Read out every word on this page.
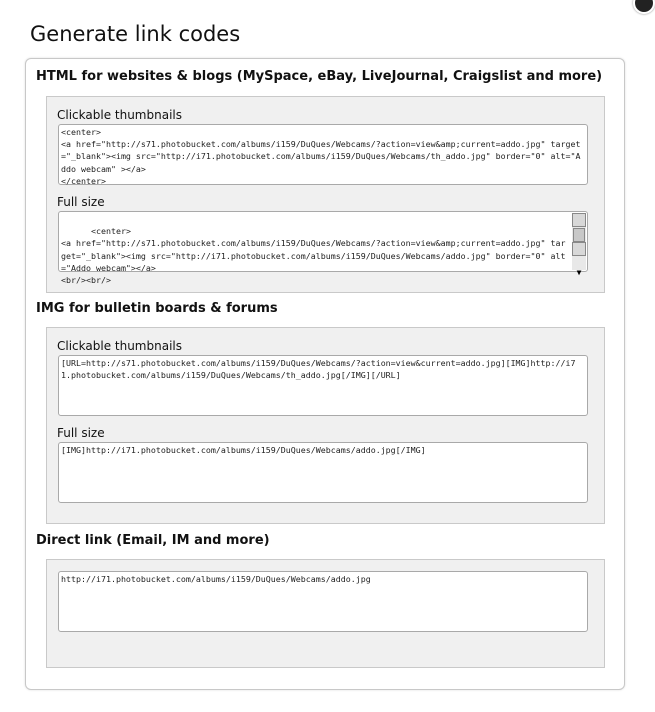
Generate link codes
HTML for websites & blogs (MySpace, eBay, LiveJournal, Craigslist and more)
Clickable thumbnails
<center>
<a href="http://s71.photobucket.com/albums/i159/DuQues/Webcams/?action=view&amp;current=addo.jpg" target="_blank"><img src="http://i71.photobucket.com/albums/i159/DuQues/Webcams/th_addo.jpg" border="0" alt="Addo webcam" ></a>
</center>
Full size

<center>
<a href="http://s71.photobucket.com/albums/i159/DuQues/Webcams/?action=view&amp;current=addo.jpg" target="_blank"><img src="http://i71.photobucket.com/albums/i159/DuQues/Webcams/addo.jpg" border="0" alt="Addo webcam"></a>
<br/><br/>

▼

IMG for bulletin boards & forums
Clickable thumbnails
[URL=http://s71.photobucket.com/albums/i159/DuQues/Webcams/?action=view&current=addo.jpg][IMG]http://i71.photobucket.com/albums/i159/DuQues/Webcams/th_addo.jpg[/IMG][/URL]
Full size
[IMG]http://i71.photobucket.com/albums/i159/DuQues/Webcams/addo.jpg[/IMG]
Direct link (Email, IM and more)
http://i71.photobucket.com/albums/i159/DuQues/Webcams/addo.jpg
